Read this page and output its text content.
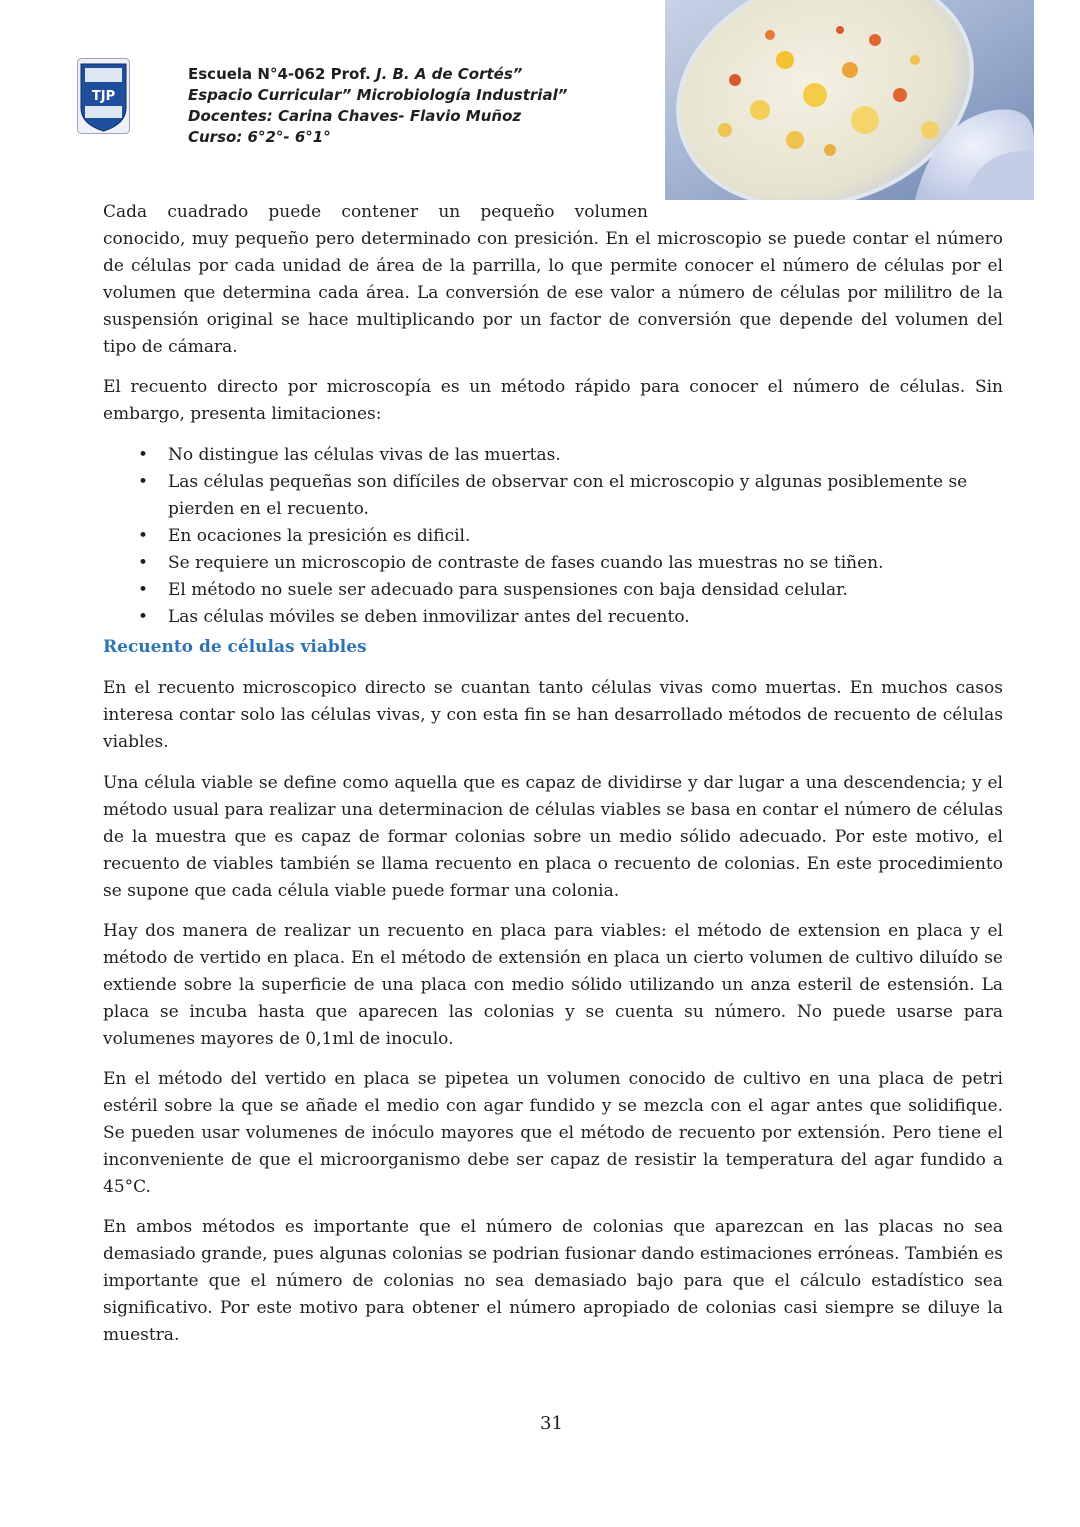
TJP
Escuela N°4-062 Prof. J. B. A de Cortés”
Espacio Curricular” Microbiología Industrial”
Docentes: Carina Chaves- Flavio Muñoz
Curso: 6°2°- 6°1°

Cada cuadrado puede contener un pequeño volumen

conocido, muy pequeño pero determinado con presición. En el microscopio se puede contar el número de células por cada unidad de área de la parrilla, lo que permite conocer el número de células por el volumen que determina cada área. La conversión de ese valor a número de células por mililitro de la suspensión original se hace multiplicando por un factor de conversión que depende del volumen del tipo de cámara.

El recuento directo por microscopía es un método rápido para conocer el número de células. Sin embargo, presenta limitaciones:

• No distingue las células vivas de las muertas.
• Las células pequeñas son difíciles de observar con el microscopio y algunas posiblemente se pierden en el recuento.
• En ocaciones la presición es dificil.
• Se requiere un microscopio de contraste de fases cuando las muestras no se tiñen.
• El método no suele ser adecuado para suspensiones con baja densidad celular.
• Las células móviles se deben inmovilizar antes del recuento.
Recuento de células viables

En el recuento microscopico directo se cuantan tanto células vivas como muertas. En muchos casos interesa contar solo las células vivas, y con esta fin se han desarrollado métodos de recuento de células viables.

Una célula viable se define como aquella que es capaz de dividirse y dar lugar a una descendencia; y el método usual para realizar una determinacion de células viables se basa en contar el número de células de la muestra que es capaz de formar colonias sobre un medio sólido adecuado. Por este motivo, el recuento de viables también se llama recuento en placa o recuento de colonias. En este procedimiento se supone que cada célula viable puede formar una colonia.

Hay dos manera de realizar un recuento en placa para viables: el método de extension en placa y el método de vertido en placa. En el método de extensión en placa un cierto volumen de cultivo diluído se extiende sobre la superficie de una placa con medio sólido utilizando un anza esteril de estensión. La placa se incuba hasta que aparecen las colonias y se cuenta su número. No puede usarse para volumenes mayores de 0,1ml de inoculo.

En el método del vertido en placa se pipetea un volumen conocido de cultivo en una placa de petri estéril sobre la que se añade el medio con agar fundido y se mezcla con el agar antes que solidifique. Se pueden usar volumenes de inóculo mayores que el método de recuento por extensión. Pero tiene el inconveniente de que el microorganismo debe ser capaz de resistir la temperatura del agar fundido a 45°C.

En ambos métodos es importante que el número de colonias que aparezcan en las placas no sea demasiado grande, pues algunas colonias se podrian fusionar dando estimaciones erróneas. También es importante que el número de colonias no sea demasiado bajo para que el cálculo estadístico sea significativo. Por este motivo para obtener el número apropiado de colonias casi siempre se diluye la muestra.

31
